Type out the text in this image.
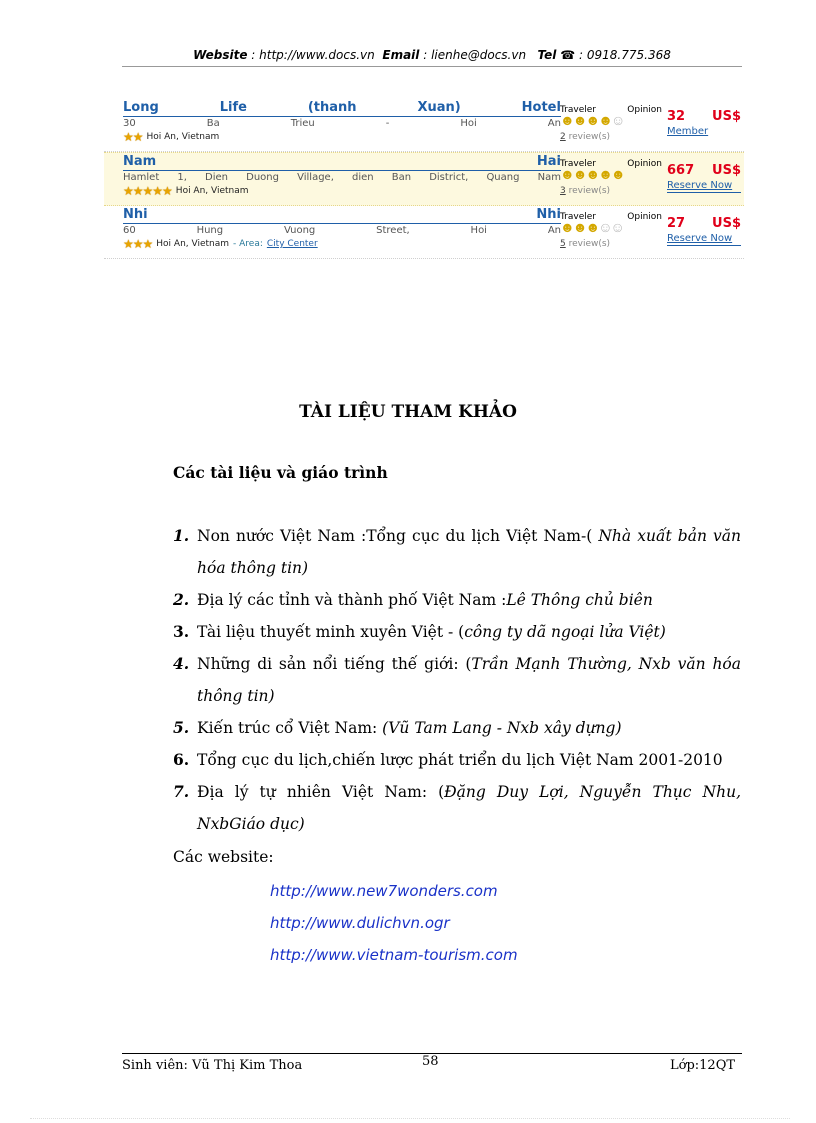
Website : http://www.docs.vn Email : lienhe@docs.vn Tel ☎ : 0918.775.368
Long	Life	(thanh	Xuan)	Hotel
30	Ba	Trieu	-	Hoi	An
★★ Hoi An, Vietnam
Traveler	Opinion
☻☻☻☻☺
2 review(s)
32 US$
Member
Nam	Hai
Hamlet 1, Dien Duong Village, dien Ban District, Quang Nam
★★★★★ Hoi An, Vietnam
Traveler	Opinion
☻☻☻☻☻
3 review(s)
667 US$
Reserve Now
Nhi	Nhi
60	Hung	Vuong	Street,	Hoi	An
★★★ Hoi An, Vietnam - Area: City Center
Traveler	Opinion
☻☻☻☺☺
5 review(s)
27 US$
Reserve Now
TÀI LIỆU THAM KHẢO
Các tài liệu và giáo trình
1. Non nước Việt Nam :Tổng cục du lịch Việt Nam-( Nhà xuất bản văn
hóa thông tin)
2. Địa lý các tỉnh và thành phố Việt Nam :Lê Thông chủ biên
3. Tài liệu thuyết minh xuyên Việt - (công ty dã ngoại lửa Việt)
4. Những di sản nổi tiếng thế giới: (Trần Mạnh Thường, Nxb văn hóa
thông tin)
5. Kiến trúc cổ Việt Nam: (Vũ Tam Lang - Nxb xây dựng)
6. Tổng cục du lịch,chiến lược phát triển du lịch Việt Nam 2001-2010
7. Địa lý tự nhiên Việt Nam: (Đặng Duy Lợi, Nguyễn Thục Nhu,
NxbGiáo dục)
Các website:
http://www.new7wonders.com
http://www.dulichvn.ogr
http://www.vietnam-tourism.com
Sinh viên: Vũ Thị Kim Thoa	58	Lớp:12QT
